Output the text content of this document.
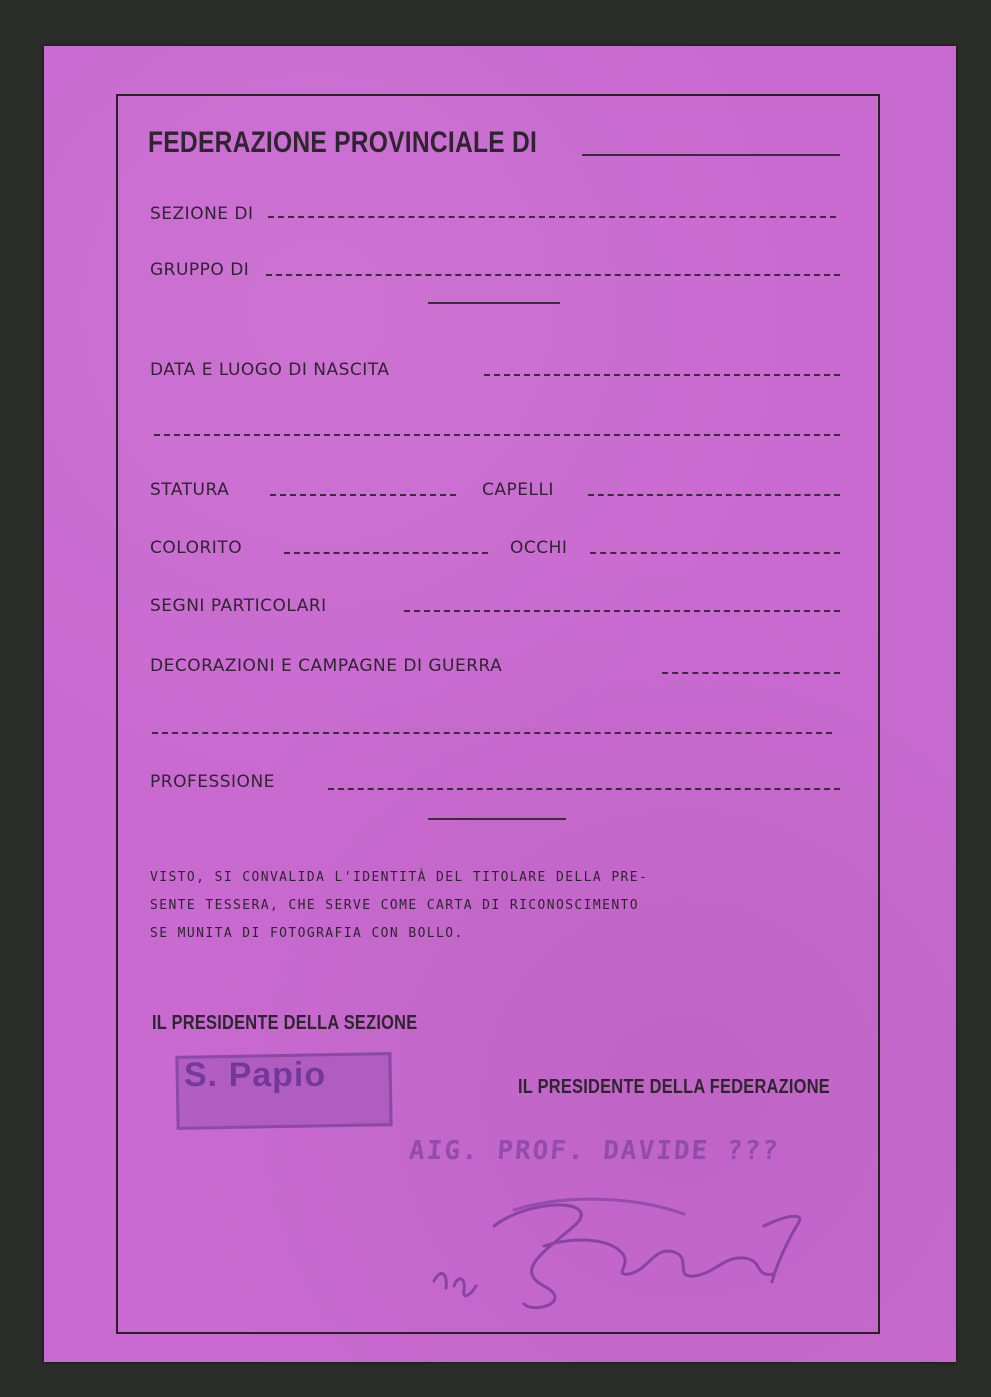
FEDERAZIONE PROVINCIALE DI
SEZIONE DI
GRUPPO DI
DATA E LUOGO DI NASCITA
STATURA	CAPELLI
COLORITO	OCCHI
SEGNI PARTICOLARI
DECORAZIONI E CAMPAGNE DI GUERRA
PROFESSIONE
VISTO, SI CONVALIDA L'IDENTITÀ DEL TITOLARE DELLA PRE-
SENTE TESSERA, CHE SERVE COME CARTA DI RICONOSCIMENTO
SE MUNITA DI FOTOGRAFIA CON BOLLO.
IL PRESIDENTE DELLA SEZIONE
S. Papio	IL PRESIDENTE DELLA FEDERAZIONE
AIG. PROF. DAVIDE ???
